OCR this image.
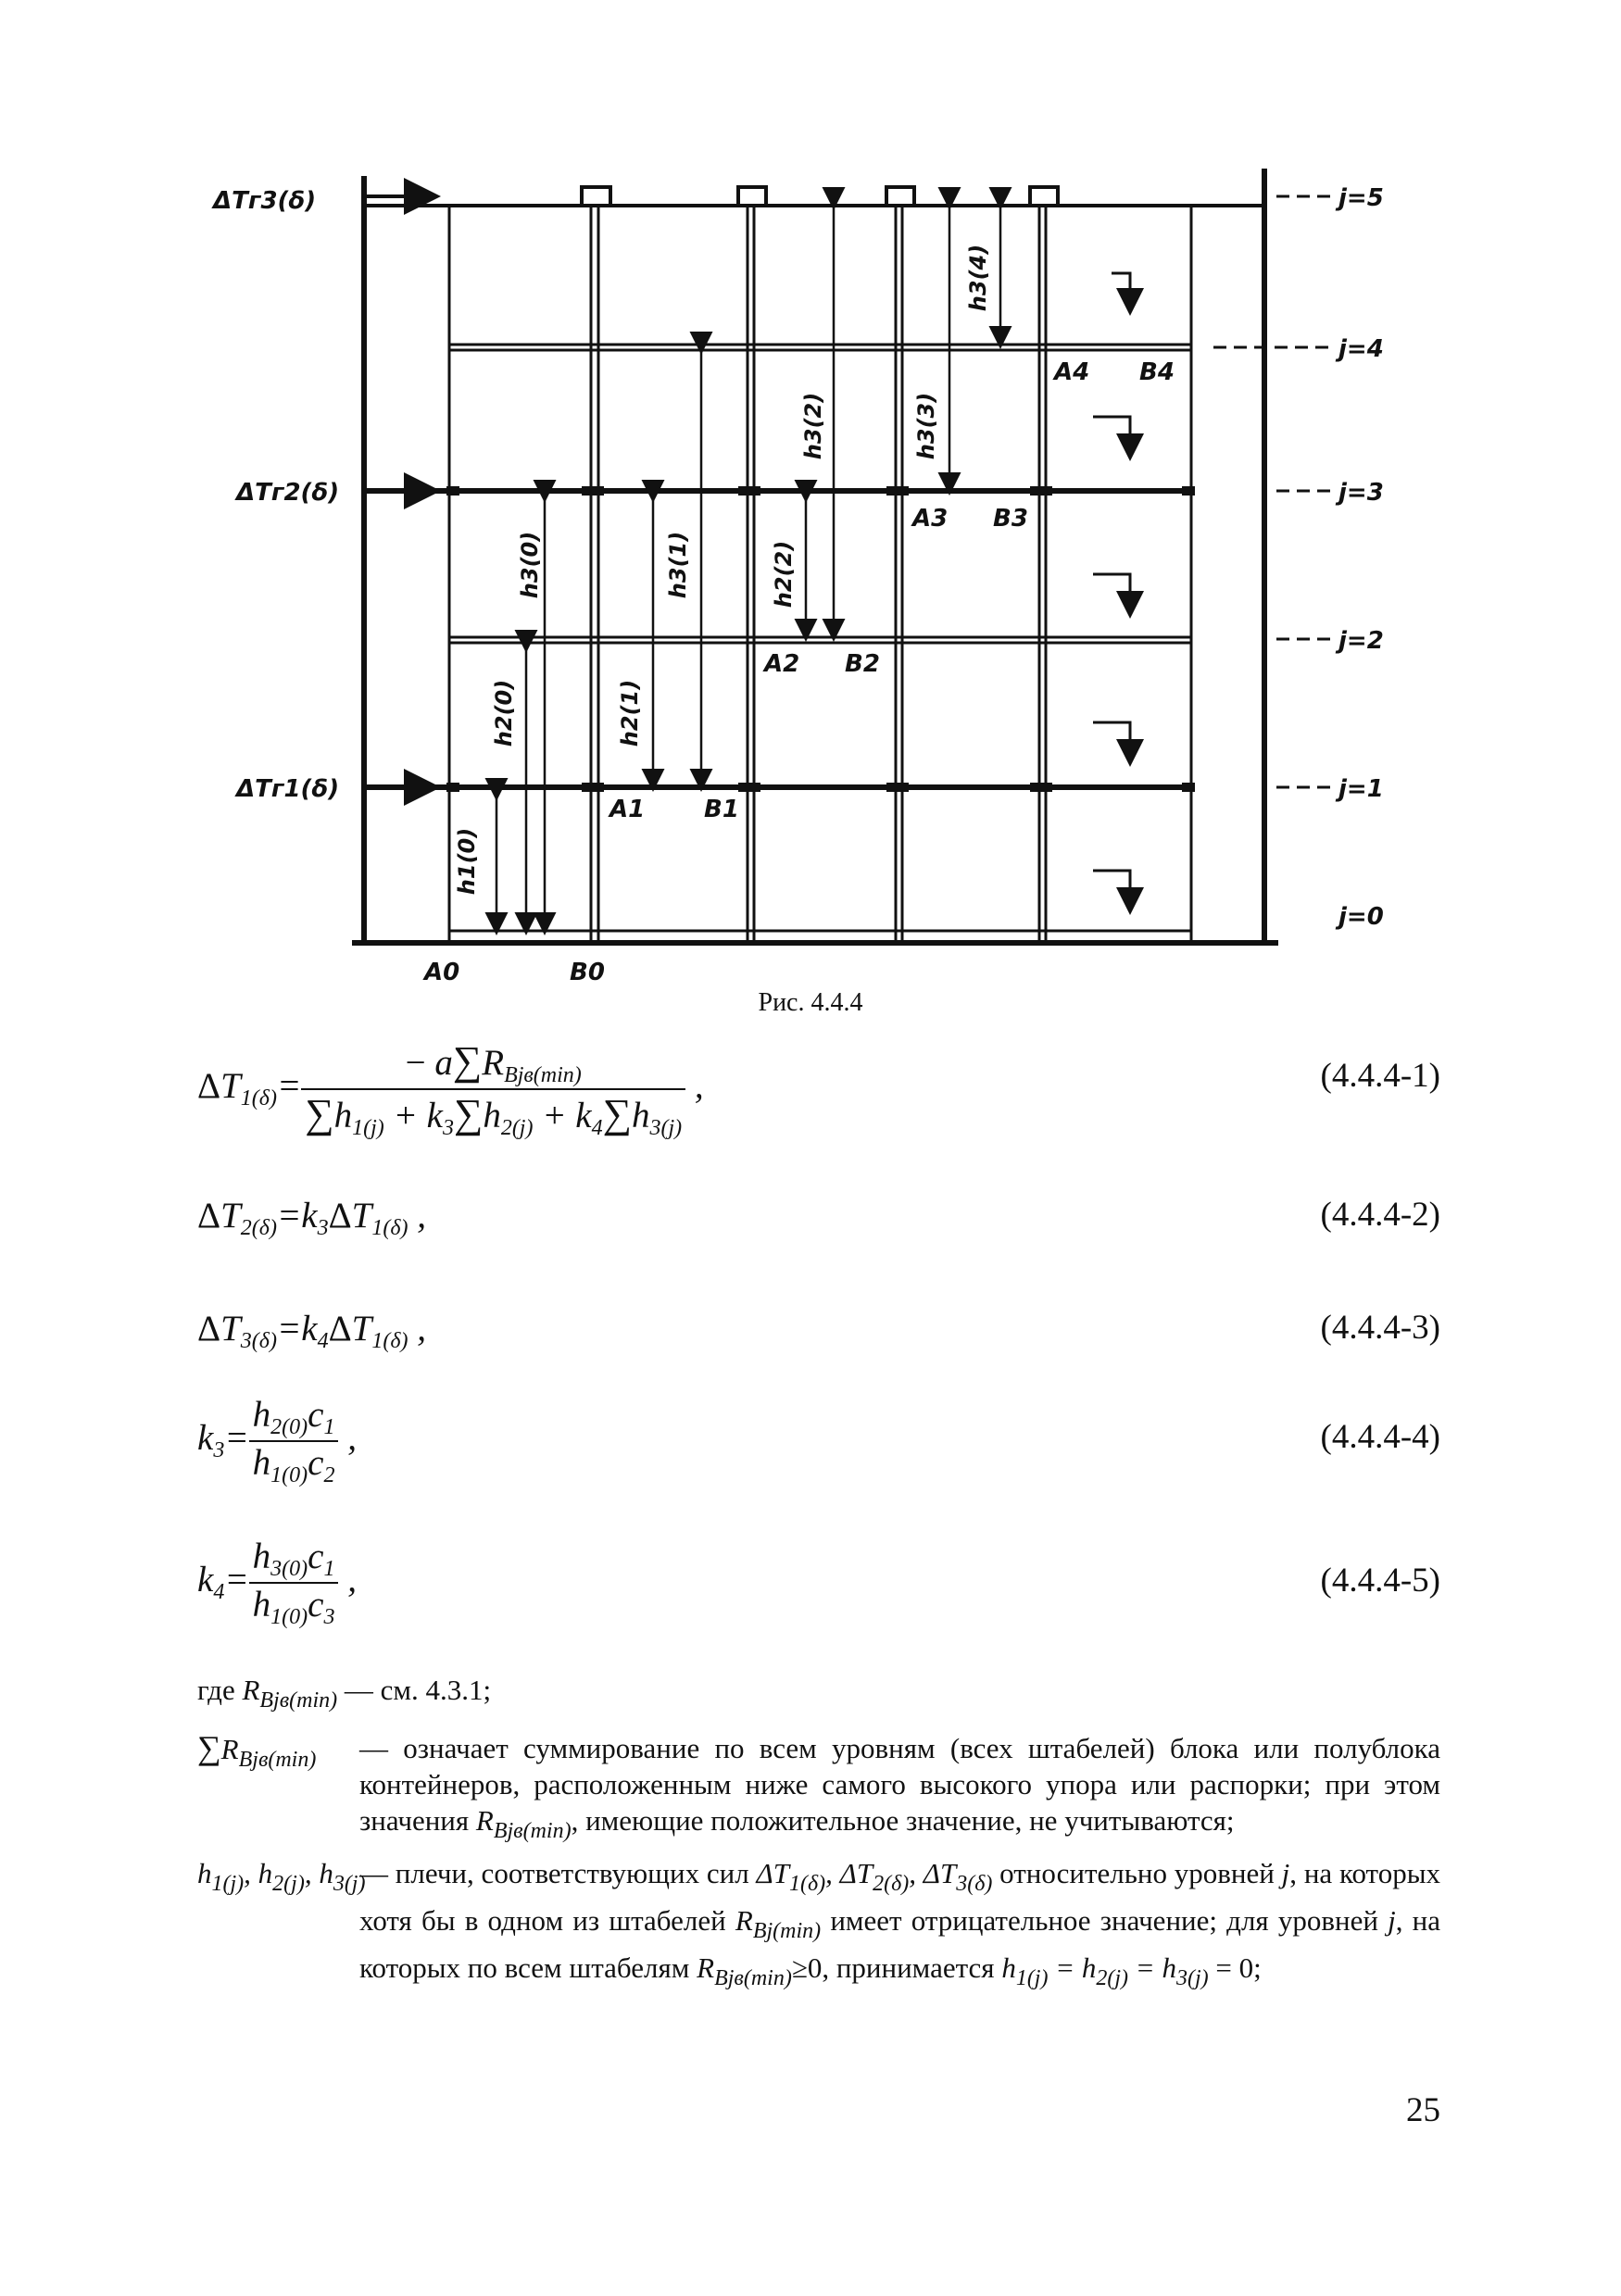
ΔTг3(δ)
ΔTг2(δ)
ΔTг1(δ)
j=5
j=4
j=3
j=2
j=1
j=0
h1(0)
h2(0)
h3(0)
h2(1)
h3(1)	h2(2)
h3(2)	h3(3)
h3(4)
A0	B0
A1 B1
A2 B2
A3 B3
A4 B4
Рис. 4.4.4
$\Delta T_{1(\delta)}= \frac{- a\sum R_{Bjв(min)}}{\sum h_{1(j)} + k_3\sum h_{2(j)} + k_4\sum h_{3(j)}}$ ,	(4.4.4-1)
$\Delta T_{2(\delta)}=k_3\Delta T_{1(\delta)}$ ,	(4.4.4-2)
$\Delta T_{3(\delta)}=k_4\Delta T_{1(\delta)}$ ,	(4.4.4-3)
$k_3= \frac{h_{2(0)}c_1}{h_{1(0)}c_2}$ ,	(4.4.4-4)
$k_4= \frac{h_{3(0)}c_1}{h_{1(0)}c_3}$ ,	(4.4.4-5)
где $R_{Bjв(min)}$ — см. 4.3.1;
$\sum R_{Bjв(min)}$	— означает суммирование по всем уровням (всех штабелей) блока или полублока контейнеров, расположенным ниже самого высокого упора или распорки; при этом значения $R_{Bjв(min)}$, имеющие положительное значение, не учитываются;
$h_{1(j)}$, $h_{2(j)}$, $h_{3(j)}$
— плечи, соответствующих сил $\Delta T_{1(\delta)}$, $\Delta T_{2(\delta)}$, $\Delta T_{3(\delta)}$ относительно уровней j, на которых хотя бы в одном из штабелей $R_{Bj(min)}$ имеет отрицательное значение; для уровней j, на которых по всем штабелям $R_{Bjв(min)}\ge 0$, принимается $h_{1(j)} = h_{2(j)} = h_{3(j)} = 0$;
25
